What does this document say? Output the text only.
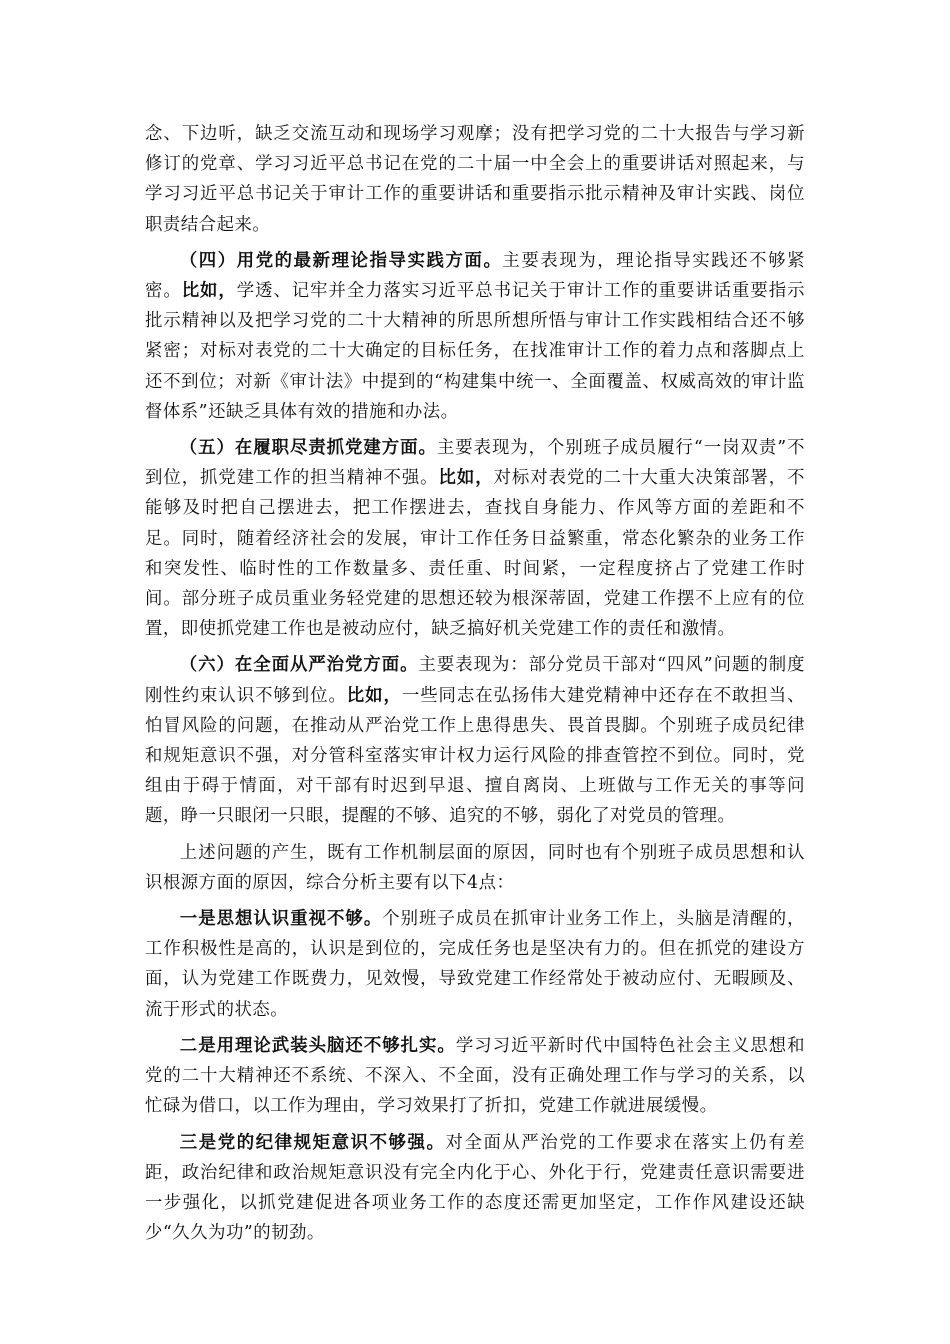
念、下边听，缺乏交流互动和现场学习观摩；没有把学习党的二十大报告与学习新修订的党章、学习习近平总书记在党的二十届一中全会上的重要讲话对照起来，与学习习近平总书记关于审计工作的重要讲话和重要指示批示精神及审计实践、岗位职责结合起来。

（四）用党的最新理论指导实践方面。主要表现为，理论指导实践还不够紧密。比如，学透、记牢并全力落实习近平总书记关于审计工作的重要讲话重要指示批示精神以及把学习党的二十大精神的所思所想所悟与审计工作实践相结合还不够紧密；对标对表党的二十大确定的目标任务，在找准审计工作的着力点和落脚点上还不到位；对新《审计法》中提到的“构建集中统一、全面覆盖、权威高效的审计监督体系”还缺乏具体有效的措施和办法。

（五）在履职尽责抓党建方面。主要表现为，个别班子成员履行“一岗双责”不到位，抓党建工作的担当精神不强。比如，对标对表党的二十大重大决策部署，不能够及时把自己摆进去，把工作摆进去，查找自身能力、作风等方面的差距和不足。同时，随着经济社会的发展，审计工作任务日益繁重，常态化繁杂的业务工作和突发性、临时性的工作数量多、责任重、时间紧，一定程度挤占了党建工作时间。部分班子成员重业务轻党建的思想还较为根深蒂固，党建工作摆不上应有的位置，即使抓党建工作也是被动应付，缺乏搞好机关党建工作的责任和激情。

（六）在全面从严治党方面。主要表现为：部分党员干部对“四风”问题的制度刚性约束认识不够到位。比如，一些同志在弘扬伟大建党精神中还存在不敢担当、怕冒风险的问题，在推动从严治党工作上患得患失、畏首畏脚。个别班子成员纪律和规矩意识不强，对分管科室落实审计权力运行风险的排查管控不到位。同时，党组由于碍于情面，对干部有时迟到早退、擅自离岗、上班做与工作无关的事等问题，睁一只眼闭一只眼，提醒的不够、追究的不够，弱化了对党员的管理。

上述问题的产生，既有工作机制层面的原因，同时也有个别班子成员思想和认识根源方面的原因，综合分析主要有以下4点：

一是思想认识重视不够。个别班子成员在抓审计业务工作上，头脑是清醒的，工作积极性是高的，认识是到位的，完成任务也是坚决有力的。但在抓党的建设方面，认为党建工作既费力，见效慢，导致党建工作经常处于被动应付、无暇顾及、流于形式的状态。

二是用理论武装头脑还不够扎实。学习习近平新时代中国特色社会主义思想和党的二十大精神还不系统、不深入、不全面，没有正确处理工作与学习的关系，以忙碌为借口，以工作为理由，学习效果打了折扣，党建工作就进展缓慢。

三是党的纪律规矩意识不够强。对全面从严治党的工作要求在落实上仍有差距，政治纪律和政治规矩意识没有完全内化于心、外化于行，党建责任意识需要进一步强化，以抓党建促进各项业务工作的态度还需更加坚定，工作作风建设还缺少“久久为功”的韧劲。
